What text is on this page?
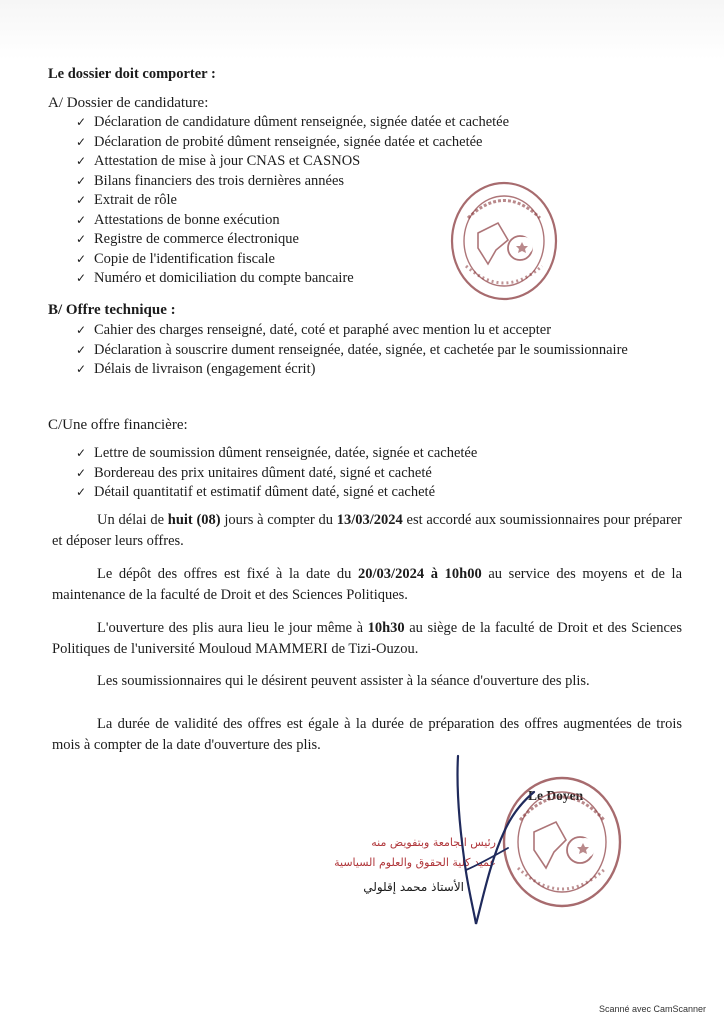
Le dossier doit comporter :
A/ Dossier de candidature:
✓ Déclaration de candidature dûment renseignée, signée datée et cachetée
✓ Déclaration de probité dûment renseignée, signée datée et cachetée
✓ Attestation de mise à jour CNAS et CASNOS
✓ Bilans financiers des trois dernières années
✓ Extrait de rôle
✓ Attestations de bonne exécution
✓ Registre de commerce électronique
✓ Copie de l'identification fiscale
✓ Numéro et domiciliation du compte bancaire
B/ Offre technique :
✓ Cahier des charges renseigné, daté, coté et paraphé avec mention lu et accepter
✓ Déclaration à souscrire dument renseignée, datée, signée, et cachetée par le soumissionnaire
✓ Délais de livraison (engagement écrit)
C/Une offre financière:
✓ Lettre de soumission dûment renseignée, datée, signée et cachetée
✓ Bordereau des prix unitaires dûment daté, signé et cacheté
✓ Détail quantitatif et estimatif dûment daté, signé et cacheté

Un délai de huit (08) jours à compter du 13/03/2024 est accordé aux soumissionnaires pour préparer et déposer leurs offres.

Le dépôt des offres est fixé à la date du 20/03/2024 à 10h00 au service des moyens et de la maintenance de la faculté de Droit et des Sciences Politiques.

L'ouverture des plis aura lieu le jour même à 10h30 au siège de la faculté de Droit et des Sciences Politiques de l'université Mouloud MAMMERI de Tizi-Ouzou.

Les soumissionnaires qui le désirent peuvent assister à la séance d'ouverture des plis.

La durée de validité des offres est égale à la durée de préparation des offres augmentées de trois mois à compter de la date d'ouverture des plis.

Le Doyen
رئيس الجامعة وبتفويض منه
عميد كلية الحقوق والعلوم السياسية
الأستاذ محمد إقلولي
Scanné avec CamScanner
